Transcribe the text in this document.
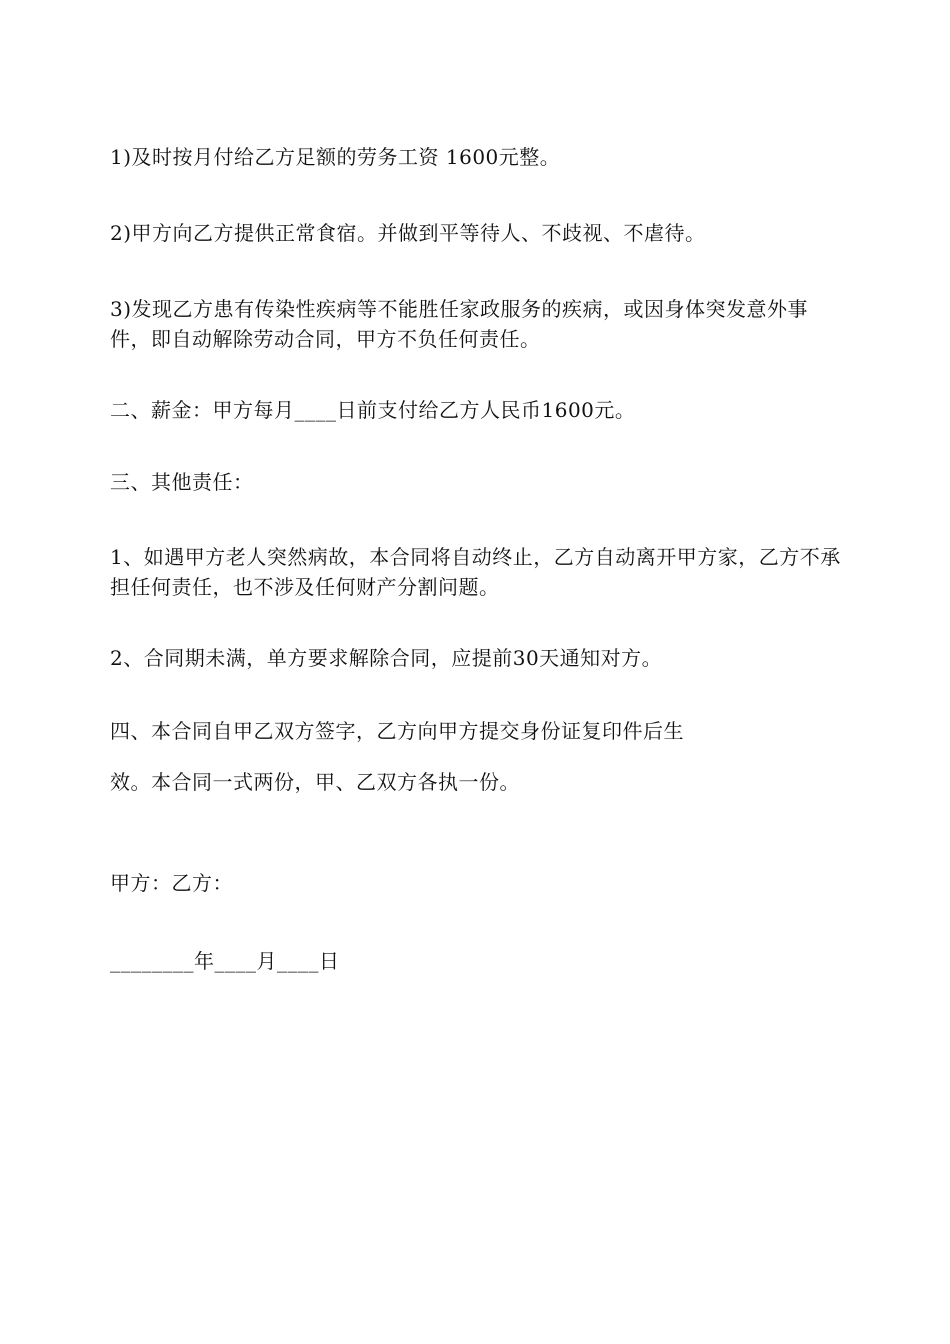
1)及时按月付给乙方足额的劳务工资 1600元整。
2)甲方向乙方提供正常食宿。并做到平等待人、不歧视、不虐待。
3)发现乙方患有传染性疾病等不能胜任家政服务的疾病，或因身体突发意外事件，即自动解除劳动合同，甲方不负任何责任。
二、薪金：甲方每月____日前支付给乙方人民币1600元。
三、其他责任：
1、如遇甲方老人突然病故，本合同将自动终止，乙方自动离开甲方家，乙方不承担任何责任，也不涉及任何财产分割问题。
2、合同期未满，单方要求解除合同，应提前30天通知对方。
四、本合同自甲乙双方签字，乙方向甲方提交身份证复印件后生
效。本合同一式两份，甲、乙双方各执一份。

甲方：乙方：

________年____月____日
